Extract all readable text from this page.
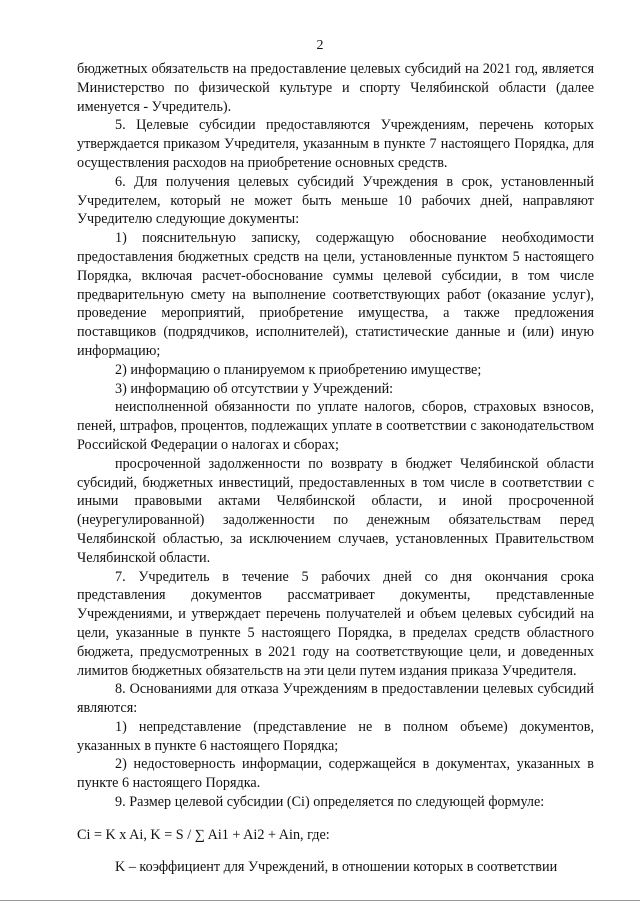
2

бюджетных обязательств на предоставление целевых субсидий на 2021 год, является Министерство по физической культуре и спорту Челябинской области (далее именуется - Учредитель).

5. Целевые субсидии предоставляются Учреждениям, перечень которых утверждается приказом Учредителя, указанным в пункте 7 настоящего Порядка, для осуществления расходов на приобретение основных средств.

6. Для получения целевых субсидий Учреждения в срок, установленный Учредителем, который не может быть меньше 10 рабочих дней, направляют Учредителю следующие документы:

1) пояснительную записку, содержащую обоснование необходимости предоставления бюджетных средств на цели, установленные пунктом 5 настоящего Порядка, включая расчет-обоснование суммы целевой субсидии, в том числе предварительную смету на выполнение соответствующих работ (оказание услуг), проведение мероприятий, приобретение имущества, а также предложения поставщиков (подрядчиков, исполнителей), статистические данные и (или) иную информацию;

2) информацию о планируемом к приобретению имуществе;

3) информацию об отсутствии у Учреждений:

неисполненной обязанности по уплате налогов, сборов, страховых взносов, пеней, штрафов, процентов, подлежащих уплате в соответствии с законодательством Российской Федерации о налогах и сборах;

просроченной задолженности по возврату в бюджет Челябинской области субсидий, бюджетных инвестиций, предоставленных в том числе в соответствии с иными правовыми актами Челябинской области, и иной просроченной (неурегулированной) задолженности по денежным обязательствам перед Челябинской областью, за исключением случаев, установленных Правительством Челябинской области.

7. Учредитель в течение 5 рабочих дней со дня окончания срока представления документов рассматривает документы, представленные Учреждениями, и утверждает перечень получателей и объем целевых субсидий на цели, указанные в пункте 5 настоящего Порядка, в пределах средств областного бюджета, предусмотренных в 2021 году на соответствующие цели, и доведенных лимитов бюджетных обязательств на эти цели путем издания приказа Учредителя.

8. Основаниями для отказа Учреждениям в предоставлении целевых субсидий являются:

1) непредставление (представление не в полном объеме) документов, указанных в пункте 6 настоящего Порядка;

2) недостоверность информации, содержащейся в документах, указанных в пункте 6 настоящего Порядка.

9. Размер целевой субсидии (Ci) определяется по следующей формуле:

Ci = K x Ai, K = S / ∑ Ai1 + Ai2 + Ain, где:

K – коэффициент для Учреждений, в отношении которых в соответствии
